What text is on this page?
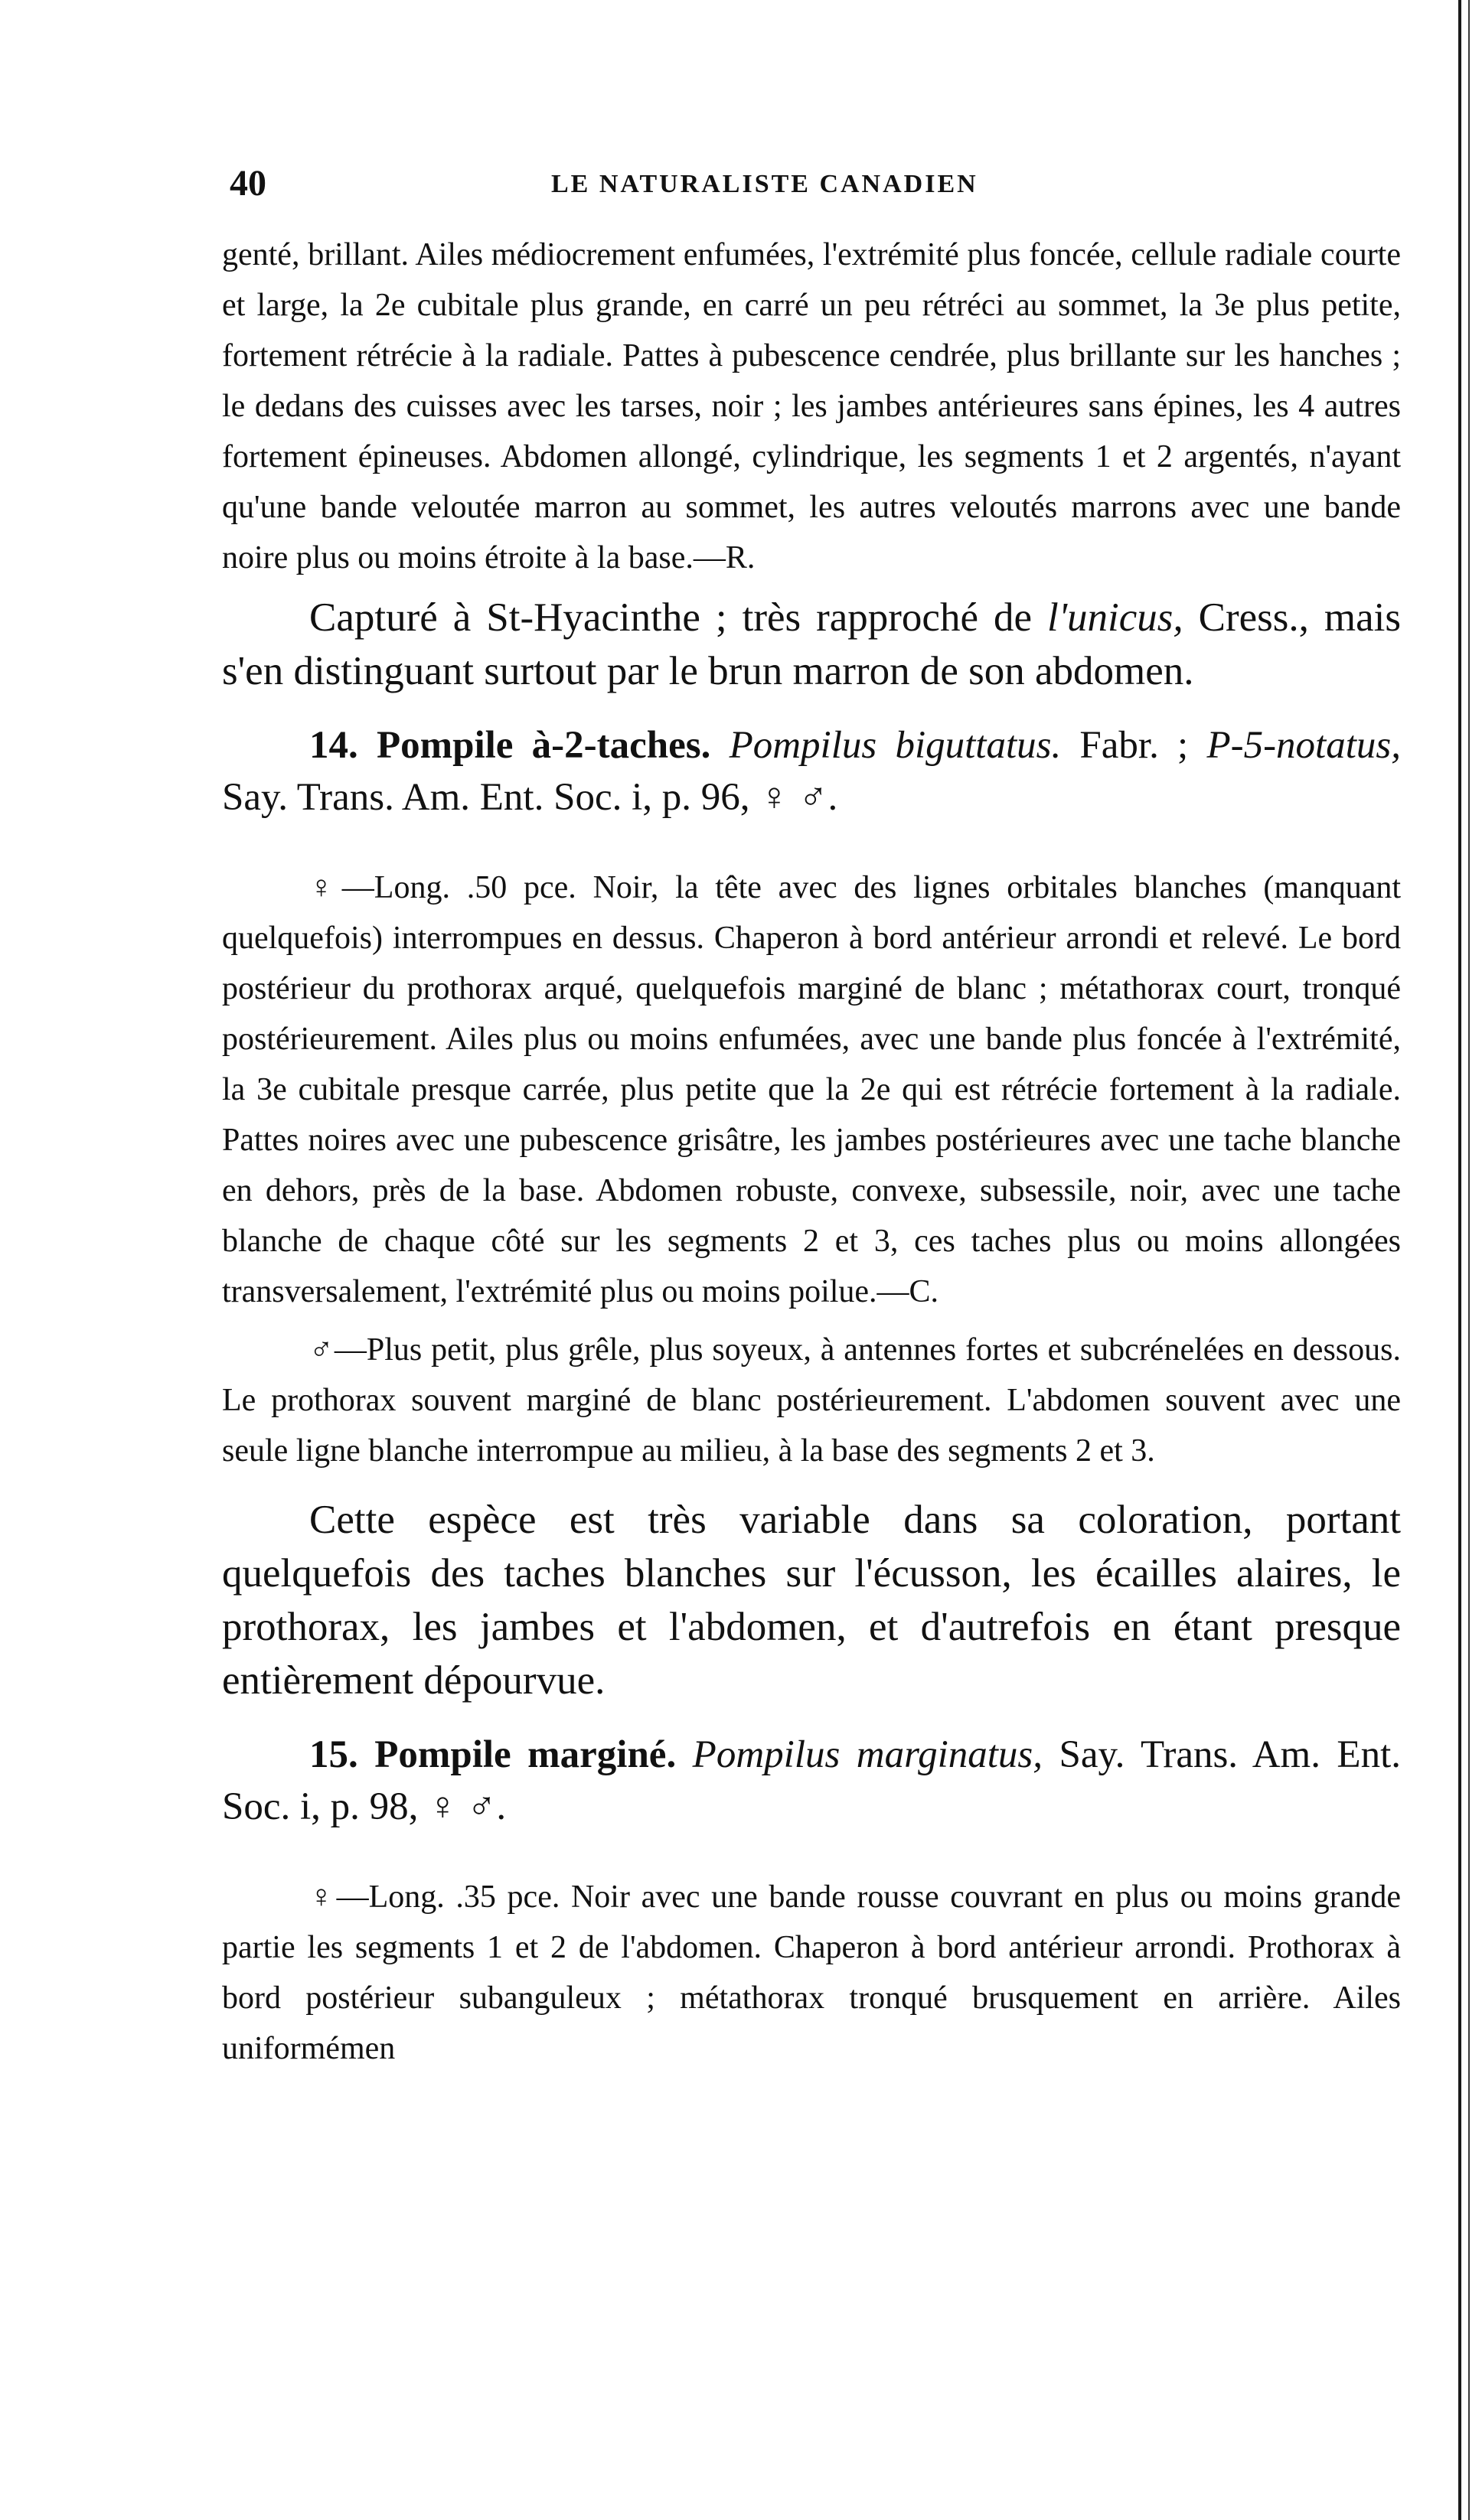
40	LE NATURALISTE CANADIEN

genté, brillant. Ailes médiocrement enfumées, l'extrémité plus foncée, cellule radiale courte et large, la 2e cubitale plus grande, en carré un peu rétréci au sommet, la 3e plus petite, fortement rétrécie à la radiale. Pattes à pubescence cendrée, plus brillante sur les hanches ; le dedans des cuisses avec les tarses, noir ; les jambes antérieures sans épines, les 4 autres fortement épineuses. Abdomen allongé, cylindrique, les segments 1 et 2 argentés, n'ayant qu'une bande veloutée marron au sommet, les autres veloutés marrons avec une bande noire plus ou moins étroite à la base.—R.

Capturé à St-Hyacinthe ; très rapproché de l'unicus, Cress., mais s'en distinguant surtout par le brun marron de son abdomen.

14. Pompile à-2-taches. Pompilus biguttatus. Fabr. ; P-5-notatus, Say. Trans. Am. Ent. Soc. i, p. 96, ♀ ♂.

♀—Long. .50 pce. Noir, la tête avec des lignes orbitales blanches (manquant quelquefois) interrompues en dessus. Chaperon à bord antérieur arrondi et relevé. Le bord postérieur du prothorax arqué, quelquefois marginé de blanc ; métathorax court, tronqué postérieurement. Ailes plus ou moins enfumées, avec une bande plus foncée à l'extrémité, la 3e cubitale presque carrée, plus petite que la 2e qui est rétrécie fortement à la radiale. Pattes noires avec une pubescence grisâtre, les jambes postérieures avec une tache blanche en dehors, près de la base. Abdomen robuste, convexe, subsessile, noir, avec une tache blanche de chaque côté sur les segments 2 et 3, ces taches plus ou moins allongées transversalement, l'extrémité plus ou moins poilue.—C.

♂—Plus petit, plus grêle, plus soyeux, à antennes fortes et subcrénelées en dessous. Le prothorax souvent marginé de blanc postérieurement. L'abdomen souvent avec une seule ligne blanche interrompue au milieu, à la base des segments 2 et 3.

Cette espèce est très variable dans sa coloration, portant quelquefois des taches blanches sur l'écusson, les écailles alaires, le prothorax, les jambes et l'abdomen, et d'autrefois en étant presque entièrement dépourvue.

15. Pompile marginé. Pompilus marginatus, Say. Trans. Am. Ent. Soc. i, p. 98, ♀ ♂.

♀—Long. .35 pce. Noir avec une bande rousse couvrant en plus ou moins grande partie les segments 1 et 2 de l'abdomen. Chaperon à bord antérieur arrondi. Prothorax à bord postérieur subanguleux ; métathorax tronqué brusquement en arrière. Ailes uniformémen
